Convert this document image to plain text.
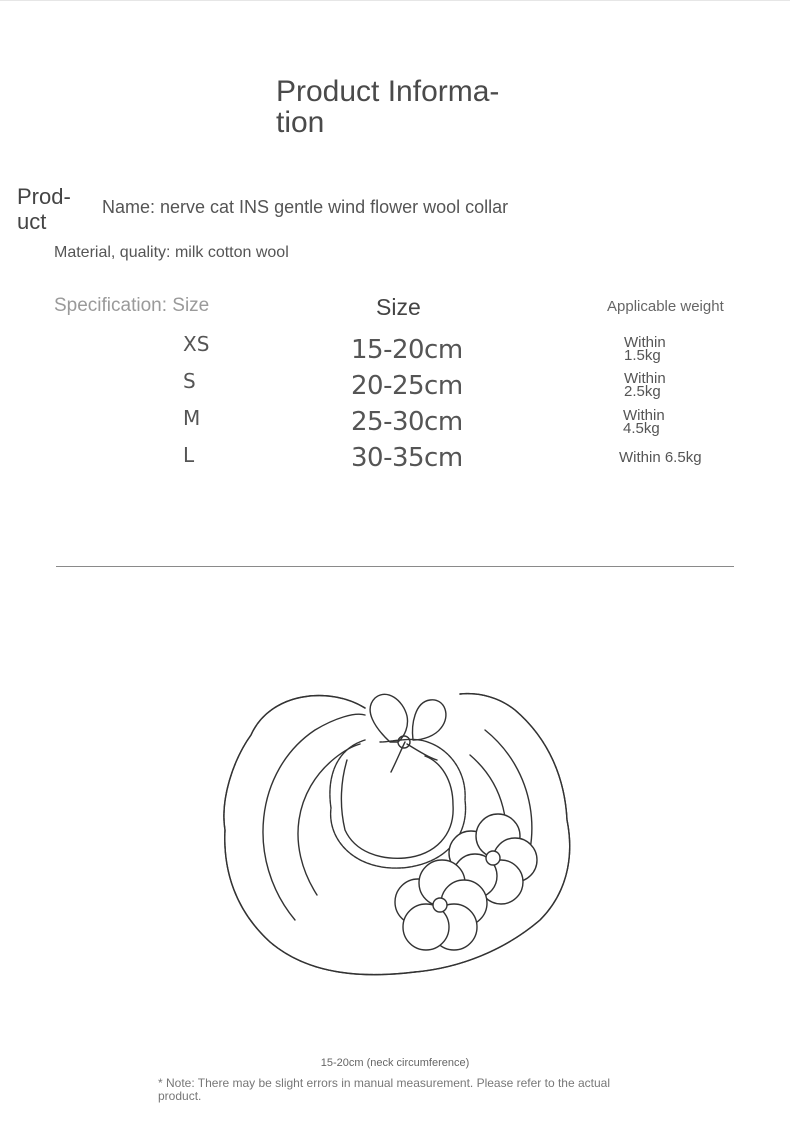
Product Informa-
tion
Prod-
uct
Name: nerve cat INS gentle wind flower wool collar
Material, quality: milk cotton wool
Specification: Size	Size	Applicable weight
XS	15-20cm	Within
1.5kg
S	20-25cm	Within
2.5kg
M	25-30cm	Within
4.5kg
L	30-35cm	Within 6.5kg
15-20cm (neck circumference)
* Note: There may be slight errors in manual measurement. Please refer to the actual product.
